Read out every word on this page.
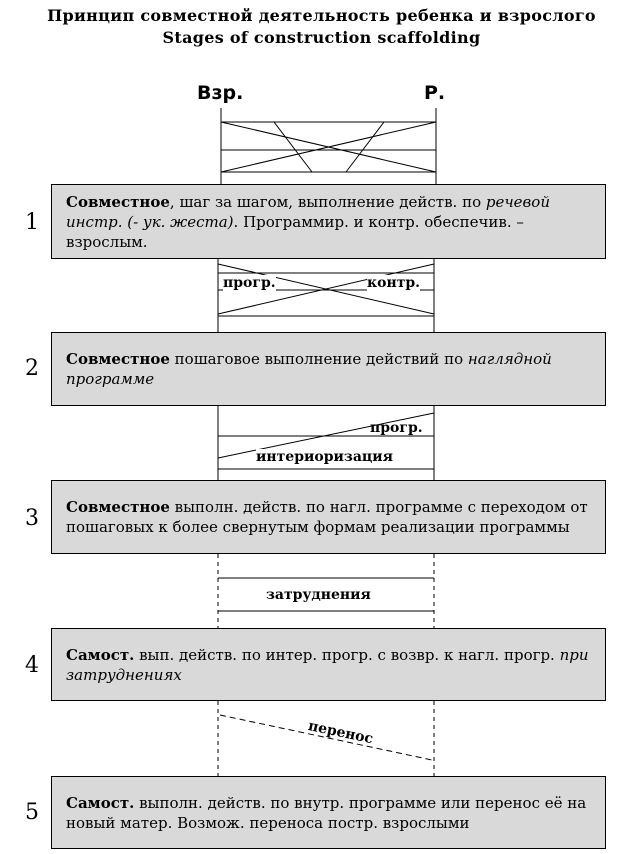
Принцип совместной деятельность ребенка и взрослого
Stages of construction scaffolding
Взр.	Р.
прогр.	контр.
прогр.
интериоризация
затруднения
перенос
1
2
3
4
5
Совместное, шаг за шагом, выполнение действ. по речевой инстр. (- ук. жеста). Программир. и контр. обеспечив. – взрослым.
Совместное пошаговое выполнение действий по наглядной программе
Совместное выполн. действ. по нагл. программе с переходом от пошаговых к более свернутым формам реализации программы
Самост. вып. действ. по интер. прогр. с возвр. к нагл. прогр. при затруднениях
Самост. выполн. действ. по внутр. программе или перенос её на новый матер. Возмож. переноса постр. взрослыми
